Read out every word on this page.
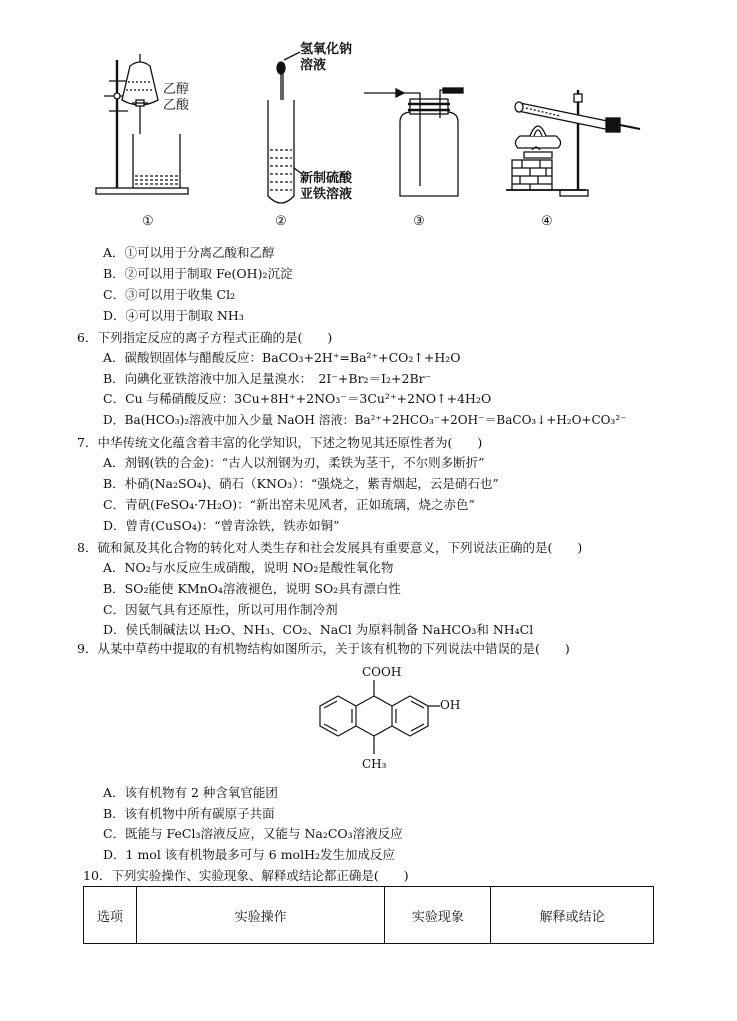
乙醇
乙酸
氢氧化钠
溶液
新制硫酸
亚铁溶液
①	②	③	④
A．①可以用于分离乙酸和乙醇
B．②可以用于制取 Fe(OH)₂沉淀
C．③可以用于收集 Cl₂
D．④可以用于制取 NH₃
6．下列指定反应的离子方程式正确的是(　　)
A．碳酸钡固体与醋酸反应：BaCO₃+2H⁺=Ba²⁺+CO₂↑+H₂O
B．向碘化亚铁溶液中加入足量溴水：　2I⁻+Br₂＝I₂+2Br⁻
C．Cu 与稀硝酸反应：3Cu+8H⁺+2NO₃⁻＝3Cu²⁺+2NO↑+4H₂O
D．Ba(HCO₃)₂溶液中加入少量 NaOH 溶液：Ba²⁺+2HCO₃⁻+2OH⁻＝BaCO₃↓+H₂O+CO₃²⁻
7．中华传统文化蕴含着丰富的化学知识，下述之物见其还原性者为(　　)
A．剂钢(铁的合金)：“古人以剂钢为刃，柔铁为茎干，不尔则多断折”
B．朴硝(Na₂SO₄)、硝石（KNO₃）：“强烧之，紫青烟起，云是硝石也”
C．青矾(FeSO₄·7H₂O)：“新出窑未见风者，正如琉璃，烧之赤色”
D．曾青(CuSO₄)：“曾青涂铁，铁赤如铜”
8．硫和氮及其化合物的转化对人类生存和社会发展具有重要意义，下列说法正确的是(　　)
A．NO₂与水反应生成硝酸，说明 NO₂是酸性氧化物
B．SO₂能使 KMnO₄溶液褪色，说明 SO₂具有漂白性
C．因氨气具有还原性，所以可用作制冷剂
D．侯氏制碱法以 H₂O、NH₃、CO₂、NaCl 为原料制备 NaHCO₃和 NH₄Cl
9．从某中草药中提取的有机物结构如图所示，关于该有机物的下列说法中错误的是(　　)
COOH
OH
CH₃
A．该有机物有 2 种含氧官能团
B．该有机物中所有碳原子共面
C．既能与 FeCl₃溶液反应，又能与 Na₂CO₃溶液反应
D．1 mol 该有机物最多可与 6 molH₂发生加成反应
10．下列实验操作、实验现象、解释或结论都正确是(　　)
选项	实验操作	实验现象	解释或结论
